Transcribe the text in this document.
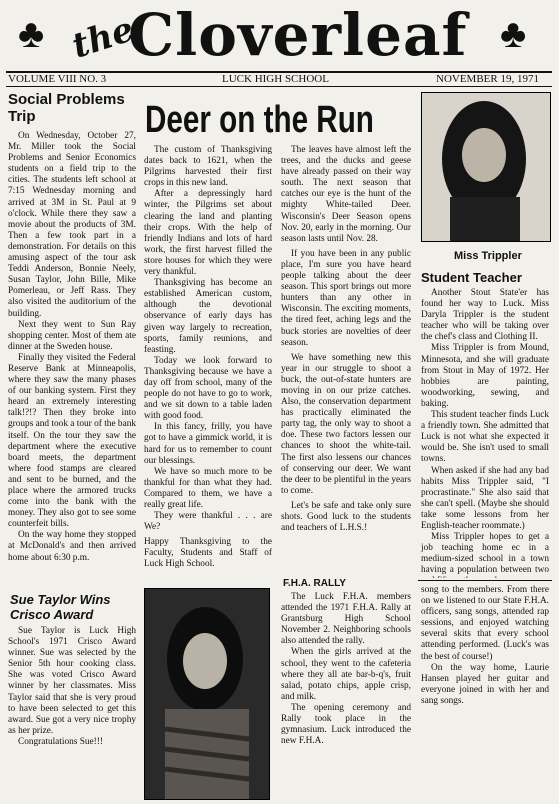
♣ the
Cloverleaf ♣
VOLUME VIII NO. 3	LUCK HIGH SCHOOL	NOVEMBER 19, 1971
Social Problems Trip

On Wednesday, October 27, Mr. Miller took the Social Problems and Senior Economics students on a field trip to the cities. The students left school at 7:15 Wednesday morning and arrived at 3M in St. Paul at 9 o'clock. While there they saw a movie about the products of 3M. Then a few took part in a demonstration. For details on this amusing aspect of the tour ask Teddi Anderson, Bonnie Neely, Susan Taylor, John Bille, Mike Pomerleau, or Jeff Rass. They also visited the auditorium of the building.

Next they went to Sun Ray shopping center. Most of them ate dinner at the Sweden house.

Finally they visited the Federal Reserve Bank at Minneapolis, where they saw the many phases of our banking system. First they heard an extremely interesting talk!?!? Then they broke into groups and took a tour of the bank itself. On the tour they saw the department where the executive board meets, the department where food stamps are cleared and sent to be burned, and the place where the armored trucks come into the bank with the money. They also got to see some counterfeit bills.

On the way home they stopped at McDonald's and then arrived home about 6:30 p.m.

Sue Taylor Wins Crisco Award

Sue Taylor is Luck High School's 1971 Crisco Award winner. Sue was selected by the Senior 5th hour cooking class. She was voted Crisco Award winner by her classmates. Miss Taylor said that she is very proud to have been selected to get this award. Sue got a very nice trophy as her prize.

Congratulations Sue!!!

Deer on the Run

The custom of Thanksgiving dates back to 1621, when the Pilgrims harvested their first crops in this new land.

After a depressingly hard winter, the Pilgrims set about clearing the land and planting their crops. With the help of friendly Indians and lots of hard work, the first harvest filled the store houses for which they were very thankful.

Thanksgiving has become an established American custom, although the devotional observance of early days has given way largely to recreation, sports, family reunions, and feasting.

Today we look forward to Thanksgiving because we have a day off from school, many of the people do not have to go to work, and we sit down to a table laden with good food.

In this fancy, frilly, you have got to have a gimmick world, it is hard for us to remember to count our blessings.

We have so much more to be thankful for than what they had. Compared to them, we have a really great life.

They were thankful . . . are We?

Happy Thanksgiving to the Faculty, Students and Staff of Luck High School.

The leaves have almost left the trees, and the ducks and geese have already passed on their way south. The next season that catches our eye is the hunt of the mighty White-tailed Deer. Wisconsin's Deer Season opens Nov. 20, early in the morning. Our season lasts until Nov. 28.

If you have been in any public place, I'm sure you have heard people talking about the deer season. This sport brings out more hunters than any other in Wisconsin. The exciting moments, the tired feet, aching legs and the buck stories are novelties of deer season.

We have something new this year in our struggle to shoot a buck, the out-of-state hunters are moving in on our prize catches. Also, the conservation department has practically eliminated the party tag, the only way to shoot a doe. These two factors lessen our chances to shoot the white-tail. The first also lessens our chances of conserving our deer. We want the deer to be plentiful in the years to come.

Let's be safe and take only sure shots. Good luck to the students and teachers of L.H.S.!

F.H.A. RALLY

The Luck F.H.A. members attended the 1971 F.H.A. Rally at Grantsburg High School November 2. Neighboring schools also attended the rally.

When the girls arrived at the school, they went to the cafeteria where they all ate bar-b-q's, fruit salad, potato chips, apple crisp, and milk.

The opening ceremony and Rally took place in the gymnasium. Luck introduced the new F.H.A.

Miss Trippler
Student Teacher

Another Stout State'er has found her way to Luck. Miss Daryla Trippler is the student teacher who will be taking over the chef's class and Clothing II.

Miss Trippler is from Mound, Minnesota, and she will graduate from Stout in May of 1972. Her hobbies are painting, woodworking, sewing, and baking.

This student teacher finds Luck a friendly town. She admitted that Luck is not what she expected it would be. She isn't used to small towns.

When asked if she had any bad habits Miss Trippler said, "I procrastinate." She also said that she can't spell. (Maybe she should take some lessons from her English-teacher roommate.)

Miss Trippler hopes to get a job teaching home ec in a medium-sized school in a town having a population between two

song to the members. From there on we listened to our State F.H.A. officers, sang songs, attended rap sessions, and enjoyed watching several skits that every school attending performed. (Luck's was the best of course!)

On the way home, Laurie Hansen played her guitar and everyone joined in with her and sang songs.
